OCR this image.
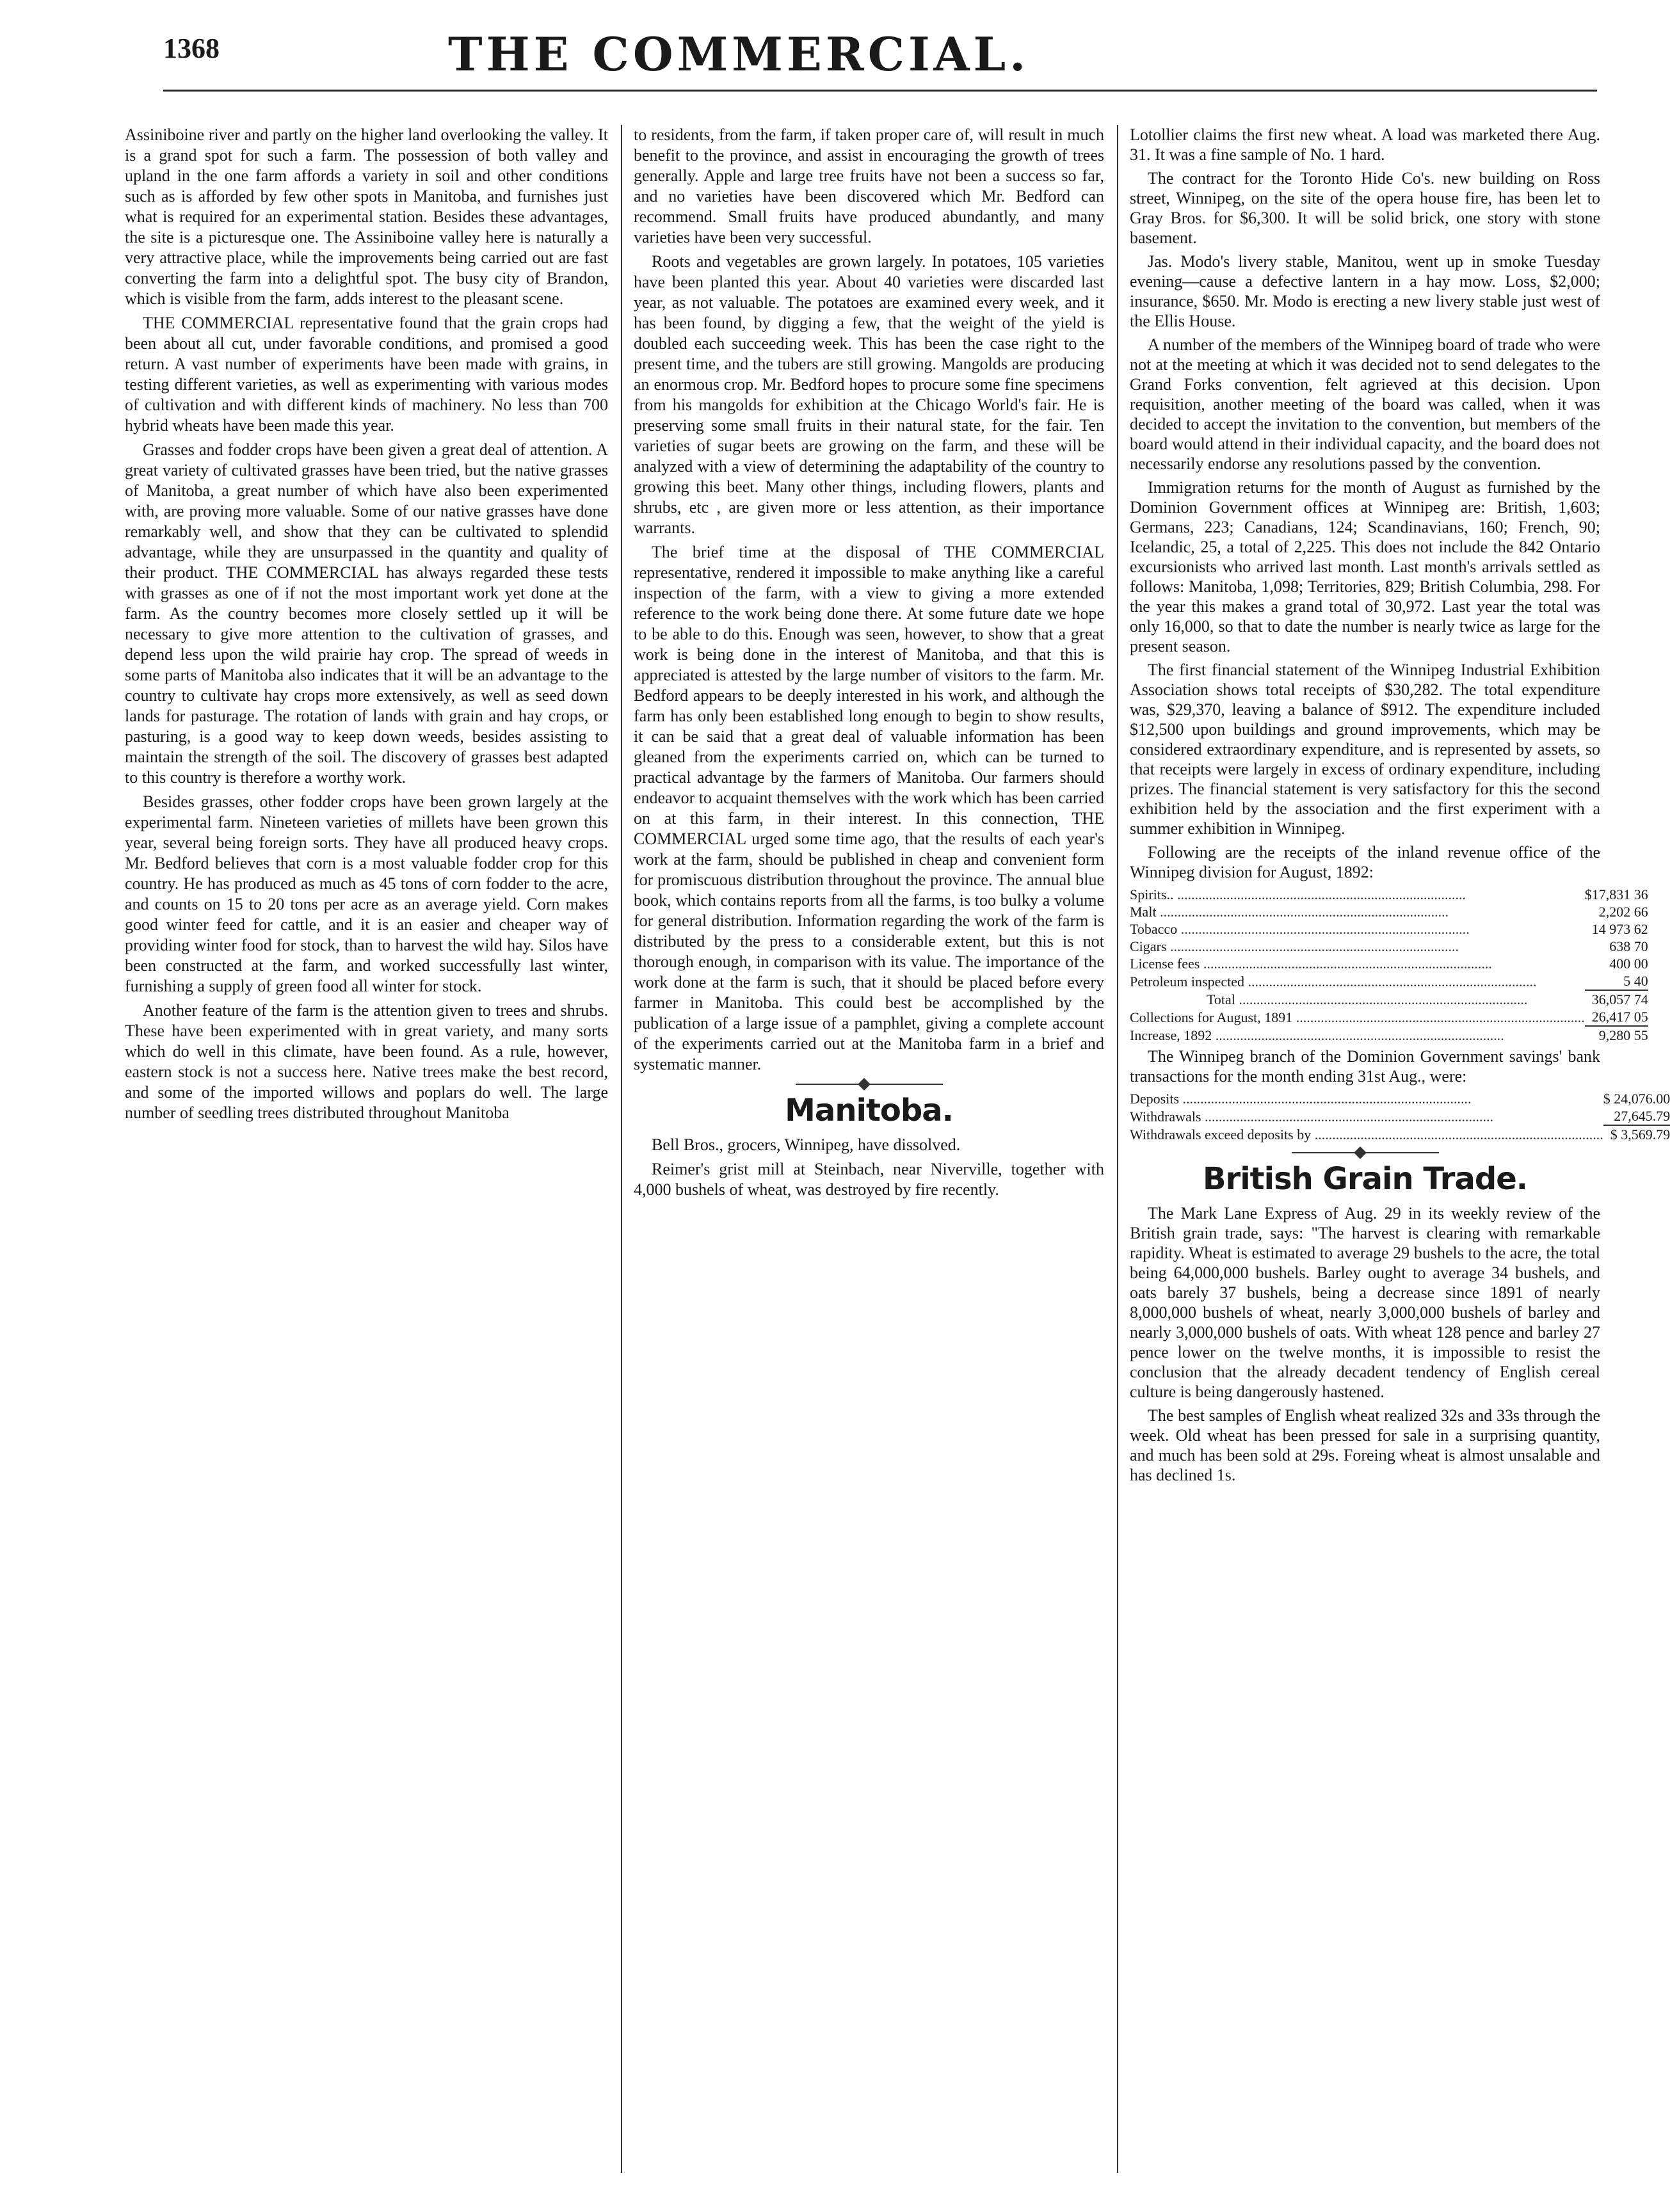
1368	THE COMMERCIAL.

Assiniboine river and partly on the higher land overlooking the valley. It is a grand spot for such a farm. The possession of both valley and upland in the one farm affords a variety in soil and other conditions such as is afforded by few other spots in Manitoba, and furnishes just what is required for an experimental station. Besides these advantages, the site is a picturesque one. The Assiniboine valley here is naturally a very attractive place, while the improvements being carried out are fast converting the farm into a delightful spot. The busy city of Brandon, which is visible from the farm, adds interest to the pleasant scene.

THE COMMERCIAL representative found that the grain crops had been about all cut, under favorable conditions, and promised a good return. A vast number of experiments have been made with grains, in testing different varieties, as well as experimenting with various modes of cultivation and with different kinds of machinery. No less than 700 hybrid wheats have been made this year.

Grasses and fodder crops have been given a great deal of attention. A great variety of cultivated grasses have been tried, but the native grasses of Manitoba, a great number of which have also been experimented with, are proving more valuable. Some of our native grasses have done remarkably well, and show that they can be cultivated to splendid advantage, while they are unsurpassed in the quantity and quality of their product. THE COMMERCIAL has always regarded these tests with grasses as one of if not the most important work yet done at the farm. As the country becomes more closely settled up it will be necessary to give more attention to the cultivation of grasses, and depend less upon the wild prairie hay crop. The spread of weeds in some parts of Manitoba also indicates that it will be an advantage to the country to cultivate hay crops more extensively, as well as seed down lands for pasturage. The rotation of lands with grain and hay crops, or pasturing, is a good way to keep down weeds, besides assisting to maintain the strength of the soil. The discovery of grasses best adapted to this country is therefore a worthy work.

Besides grasses, other fodder crops have been grown largely at the experimental farm. Nineteen varieties of millets have been grown this year, several being foreign sorts. They have all produced heavy crops. Mr. Bedford believes that corn is a most valuable fodder crop for this country. He has produced as much as 45 tons of corn fodder to the acre, and counts on 15 to 20 tons per acre as an average yield. Corn makes good winter feed for cattle, and it is an easier and cheaper way of providing winter food for stock, than to harvest the wild hay. Silos have been constructed at the farm, and worked successfully last winter, furnishing a supply of green food all winter for stock.

Another feature of the farm is the attention given to trees and shrubs. These have been experimented with in great variety, and many sorts which do well in this climate, have been found. As a rule, however, eastern stock is not a success here. Native trees make the best record, and some of the imported willows and poplars do well. The large number of seedling trees distributed throughout Manitoba

to residents, from the farm, if taken proper care of, will result in much benefit to the province, and assist in encouraging the growth of trees generally. Apple and large tree fruits have not been a success so far, and no varieties have been discovered which Mr. Bedford can recommend. Small fruits have produced abundantly, and many varieties have been very successful.

Roots and vegetables are grown largely. In potatoes, 105 varieties have been planted this year. About 40 varieties were discarded last year, as not valuable. The potatoes are examined every week, and it has been found, by digging a few, that the weight of the yield is doubled each succeeding week. This has been the case right to the present time, and the tubers are still growing. Mangolds are producing an enormous crop. Mr. Bedford hopes to procure some fine specimens from his mangolds for exhibition at the Chicago World's fair. He is preserving some small fruits in their natural state, for the fair. Ten varieties of sugar beets are growing on the farm, and these will be analyzed with a view of determining the adaptability of the country to growing this beet. Many other things, including flowers, plants and shrubs, etc , are given more or less attention, as their importance warrants.

The brief time at the disposal of THE COMMERCIAL representative, rendered it impossible to make anything like a careful inspection of the farm, with a view to giving a more extended reference to the work being done there. At some future date we hope to be able to do this. Enough was seen, however, to show that a great work is being done in the interest of Manitoba, and that this is appreciated is attested by the large number of visitors to the farm. Mr. Bedford appears to be deeply interested in his work, and although the farm has only been established long enough to begin to show results, it can be said that a great deal of valuable information has been gleaned from the experiments carried on, which can be turned to practical advantage by the farmers of Manitoba. Our farmers should endeavor to acquaint themselves with the work which has been carried on at this farm, in their interest. In this connection, THE COMMERCIAL urged some time ago, that the results of each year's work at the farm, should be published in cheap and convenient form for promiscuous distribution throughout the province. The annual blue book, which contains reports from all the farms, is too bulky a volume for general distribution. Information regarding the work of the farm is distributed by the press to a considerable extent, but this is not thorough enough, in comparison with its value. The importance of the work done at the farm is such, that it should be placed before every farmer in Manitoba. This could best be accomplished by the publication of a large issue of a pamphlet, giving a complete account of the experiments carried out at the Manitoba farm in a brief and systematic manner.

Manitoba.

Bell Bros., grocers, Winnipeg, have dissolved.

Reimer's grist mill at Steinbach, near Niverville, together with 4,000 bushels of wheat, was destroyed by fire recently.

Lotollier claims the first new wheat. A load was marketed there Aug. 31. It was a fine sample of No. 1 hard.

The contract for the Toronto Hide Co's. new building on Ross street, Winnipeg, on the site of the opera house fire, has been let to Gray Bros. for $6,300. It will be solid brick, one story with stone basement.

Jas. Modo's livery stable, Manitou, went up in smoke Tuesday evening—cause a defective lantern in a hay mow. Loss, $2,000; insurance, $650. Mr. Modo is erecting a new livery stable just west of the Ellis House.

A number of the members of the Winnipeg board of trade who were not at the meeting at which it was decided not to send delegates to the Grand Forks convention, felt agrieved at this decision. Upon requisition, another meeting of the board was called, when it was decided to accept the invitation to the convention, but members of the board would attend in their individual capacity, and the board does not necessarily endorse any resolutions passed by the convention.

Immigration returns for the month of August as furnished by the Dominion Government offices at Winnipeg are: British, 1,603; Germans, 223; Canadians, 124; Scandinavians, 160; French, 90; Icelandic, 25, a total of 2,225. This does not include the 842 Ontario excursionists who arrived last month. Last month's arrivals settled as follows: Manitoba, 1,098; Territories, 829; British Columbia, 298. For the year this makes a grand total of 30,972. Last year the total was only 16,000, so that to date the number is nearly twice as large for the present season.

The first financial statement of the Winnipeg Industrial Exhibition Association shows total receipts of $30,282. The total expenditure was, $29,370, leaving a balance of $912. The expenditure included $12,500 upon buildings and ground improvements, which may be considered extraordinary expenditure, and is represented by assets, so that receipts were largely in excess of ordinary expenditure, including prizes. The financial statement is very satisfactory for this the second exhibition held by the association and the first experiment with a summer exhibition in Winnipeg.

Following are the receipts of the inland revenue office of the Winnipeg division for August, 1892:

Spirits.. .....	$17,831 36
Malt .....	2,202 66
Tobacco .....	14 973 62
Cigars .....	638 70
License fees .....	400 00
Petroleum inspected .....	5 40
Total .....	36,057 74
Collections for August, 1891 .....	26,417 05
Increase, 1892 .....	9,280 55

The Winnipeg branch of the Dominion Government savings' bank transactions for the month ending 31st Aug., were:

Deposits .....	$ 24,076.00
Withdrawals .....	27,645.79
Withdrawals exceed deposits by .....	$ 3,569.79
British Grain Trade.

The Mark Lane Express of Aug. 29 in its weekly review of the British grain trade, says: "The harvest is clearing with remarkable rapidity. Wheat is estimated to average 29 bushels to the acre, the total being 64,000,000 bushels. Barley ought to average 34 bushels, and oats barely 37 bushels, being a decrease since 1891 of nearly 8,000,000 bushels of wheat, nearly 3,000,000 bushels of barley and nearly 3,000,000 bushels of oats. With wheat 128 pence and barley 27 pence lower on the twelve months, it is impossible to resist the conclusion that the already decadent tendency of English cereal culture is being dangerously hastened.

The best samples of English wheat realized 32s and 33s through the week. Old wheat has been pressed for sale in a surprising quantity, and much has been sold at 29s. Foreing wheat is almost unsalable and has declined 1s.
